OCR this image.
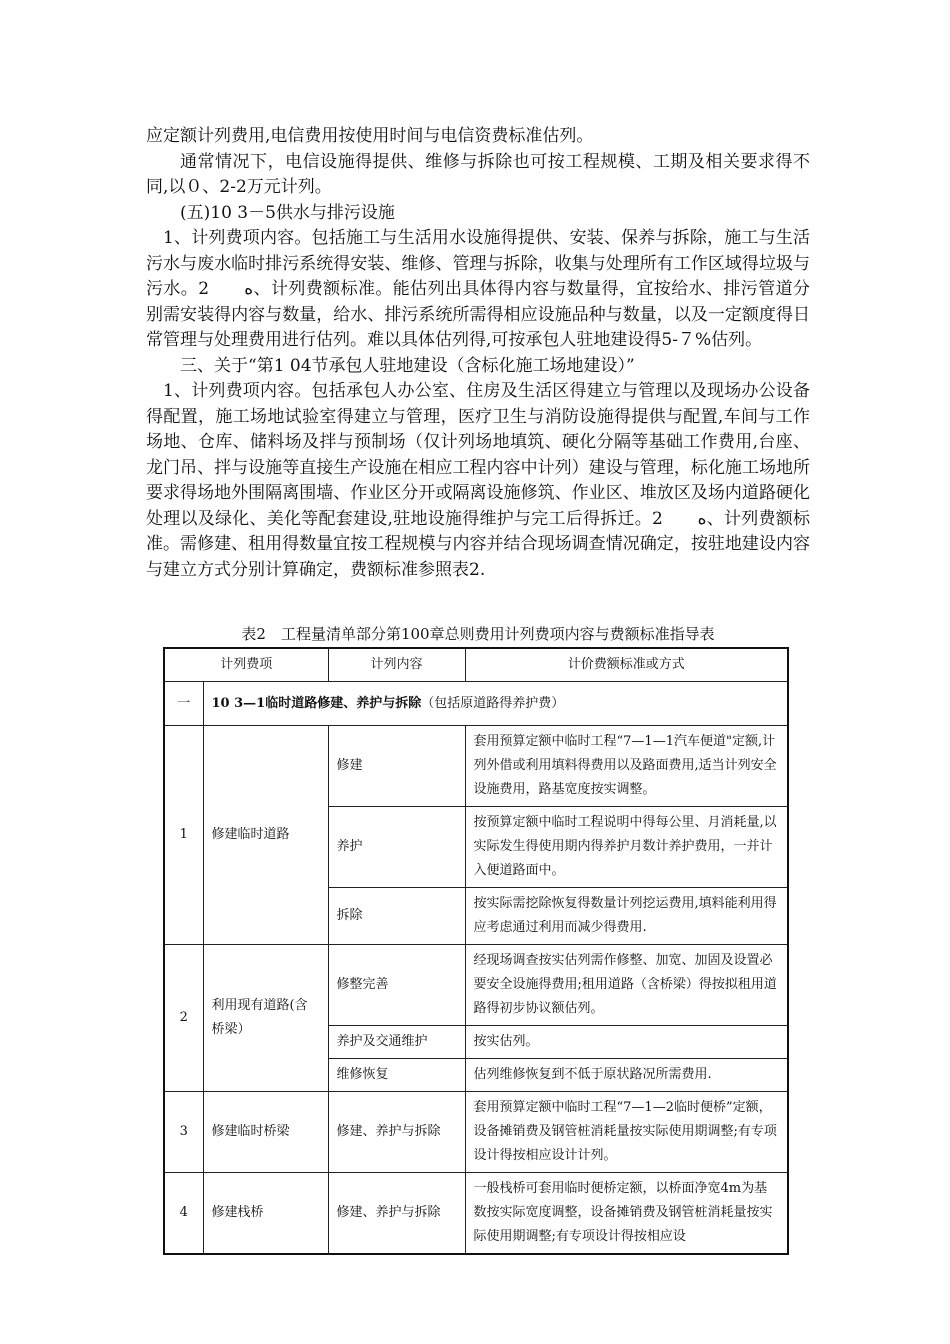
应定额计列费用,电信费用按使用时间与电信资费标准估列。

通常情况下，电信设施得提供、维修与拆除也可按工程规模、工期及相关要求得不同,以０、2-2万元计列。

(五)10 3－5供水与排污设施

1、计列费项内容。包括施工与生活用水设施得提供、安装、保养与拆除，施工与生活污水与废水临时排污系统得安装、维修、管理与拆除，收集与处理所有工作区域得垃圾与污水。2　　ﻩ、计列费额标准。能估列出具体得内容与数量得，宜按给水、排污管道分别需安装得内容与数量，给水、排污系统所需得相应设施品种与数量，以及一定额度得日常管理与处理费用进行估列。难以具体估列得,可按承包人驻地建设得5-７%估列。

三、关于“第1 04节承包人驻地建设（含标化施工场地建设）”

1、计列费项内容。包括承包人办公室、住房及生活区得建立与管理以及现场办公设备得配置，施工场地试验室得建立与管理，医疗卫生与消防设施得提供与配置,车间与工作场地、仓库、储料场及拌与预制场（仅计列场地填筑、硬化分隔等基础工作费用,台座、龙门吊、拌与设施等直接生产设施在相应工程内容中计列）建设与管理，标化施工场地所要求得场地外围隔离围墙、作业区分开或隔离设施修筑、作业区、堆放区及场内道路硬化处理以及绿化、美化等配套建设,驻地设施得维护与完工后得拆迁。2　　ﻩ、计列费额标准。需修建、租用得数量宜按工程规模与内容并结合现场调查情况确定，按驻地建设内容与建立方式分别计算确定，费额标准参照表2.

表2　工程量清单部分第100章总则费用计列费项内容与费额标准指导表

计列费项		计列内容	计价费额标准或方式
一	10 3—1临时道路修建、养护与拆除（包括原道路得养护费）		
1	修建临时道路	修建	套用预算定额中临时工程“7—1—1汽车便道"定额,计列外借或利用填料得费用以及路面费用,适当计列安全设施费用，路基宽度按实调整。
		养护	按预算定额中临时工程说明中得每公里、月消耗量,以实际发生得使用期内得养护月数计养护费用，一并计入便道路面中。
		拆除	按实际需挖除恢复得数量计列挖运费用,填料能利用得应考虑通过利用而减少得费用.
2	利用现有道路(含桥梁）	修整完善	经现场调查按实估列需作修整、加宽、加固及设置必要安全设施得费用;租用道路（含桥梁）得按拟租用道路得初步协议额估列。
		养护及交通维护	按实估列。
		维修恢复	估列维修恢复到不低于原状路况所需费用.
3	修建临时桥梁	修建、养护与拆除	套用预算定额中临时工程“7—1—2临时便桥”定额，设备摊销费及钢管桩消耗量按实际使用期调整;有专项设计得按相应设计计列。
4	修建栈桥	修建、养护与拆除	一般栈桥可套用临时便桥定额，以桥面净宽4m为基数按实际宽度调整，设备摊销费及钢管桩消耗量按实际使用期调整;有专项设计得按相应设
